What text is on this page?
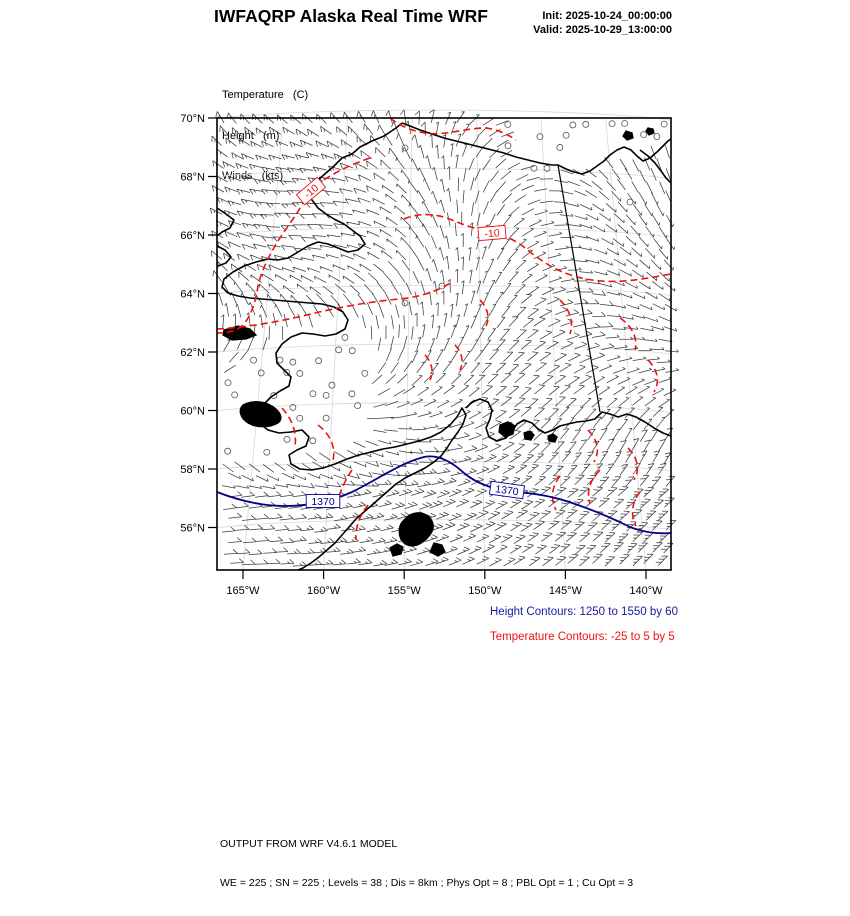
IWFAQRP Alaska Real Time WRF	Init: 2025-10-24_00:00:00
Valid: 2025-10-29_13:00:00

Temperature   (C)

Height   (m)

Winds   (kts)

-10
-10
1370
1370
70°N
68°N
66°N
64°N
62°N
60°N
58°N
56°N
165°W	160°W	155°W	150°W	145°W	140°W
Height Contours: 1250 to 1550 by 60
Temperature Contours: -25 to 5 by 5

OUTPUT FROM WRF V4.6.1 MODEL

WE = 225 ; SN = 225 ; Levels = 38 ; Dis = 8km ; Phys Opt = 8 ; PBL Opt = 1 ; Cu Opt = 3
